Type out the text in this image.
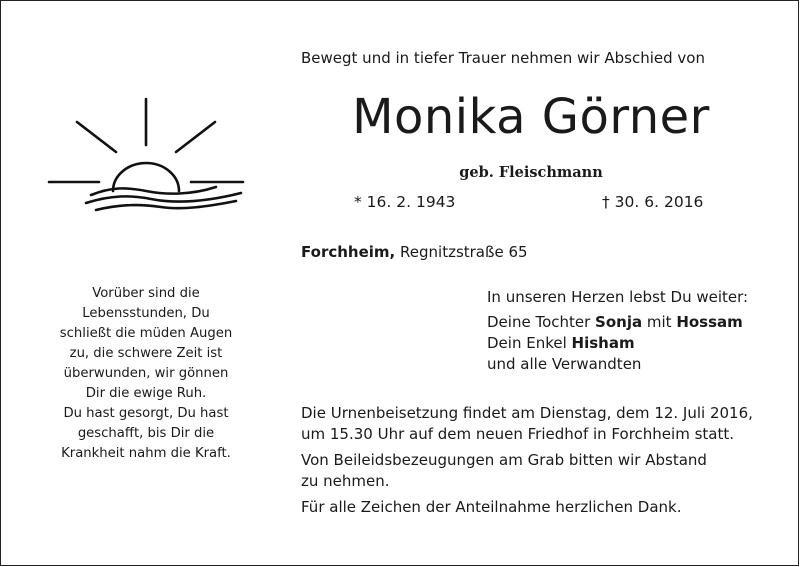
Vorüber sind die
Lebensstunden, Du
schließt die müden Augen
zu, die schwere Zeit ist
überwunden, wir gönnen
Dir die ewige Ruh.
Du hast gesorgt, Du hast
geschafft, bis Dir die
Krankheit nahm die Kraft.
Bewegt und in tiefer Trauer nehmen wir Abschied von
Monika Görner
geb. Fleischmann
* 16. 2. 1943	† 30. 6. 2016
Forchheim, Regnitzstraße 65
In unseren Herzen lebst Du weiter:
Deine Tochter Sonja mit Hossam
Dein Enkel Hisham
und alle Verwandten
Die Urnenbeisetzung findet am Dienstag, dem 12. Juli 2016,
um 15.30 Uhr auf dem neuen Friedhof in Forchheim statt.
Von Beileidsbezeugungen am Grab bitten wir Abstand
zu nehmen.
Für alle Zeichen der Anteilnahme herzlichen Dank.
